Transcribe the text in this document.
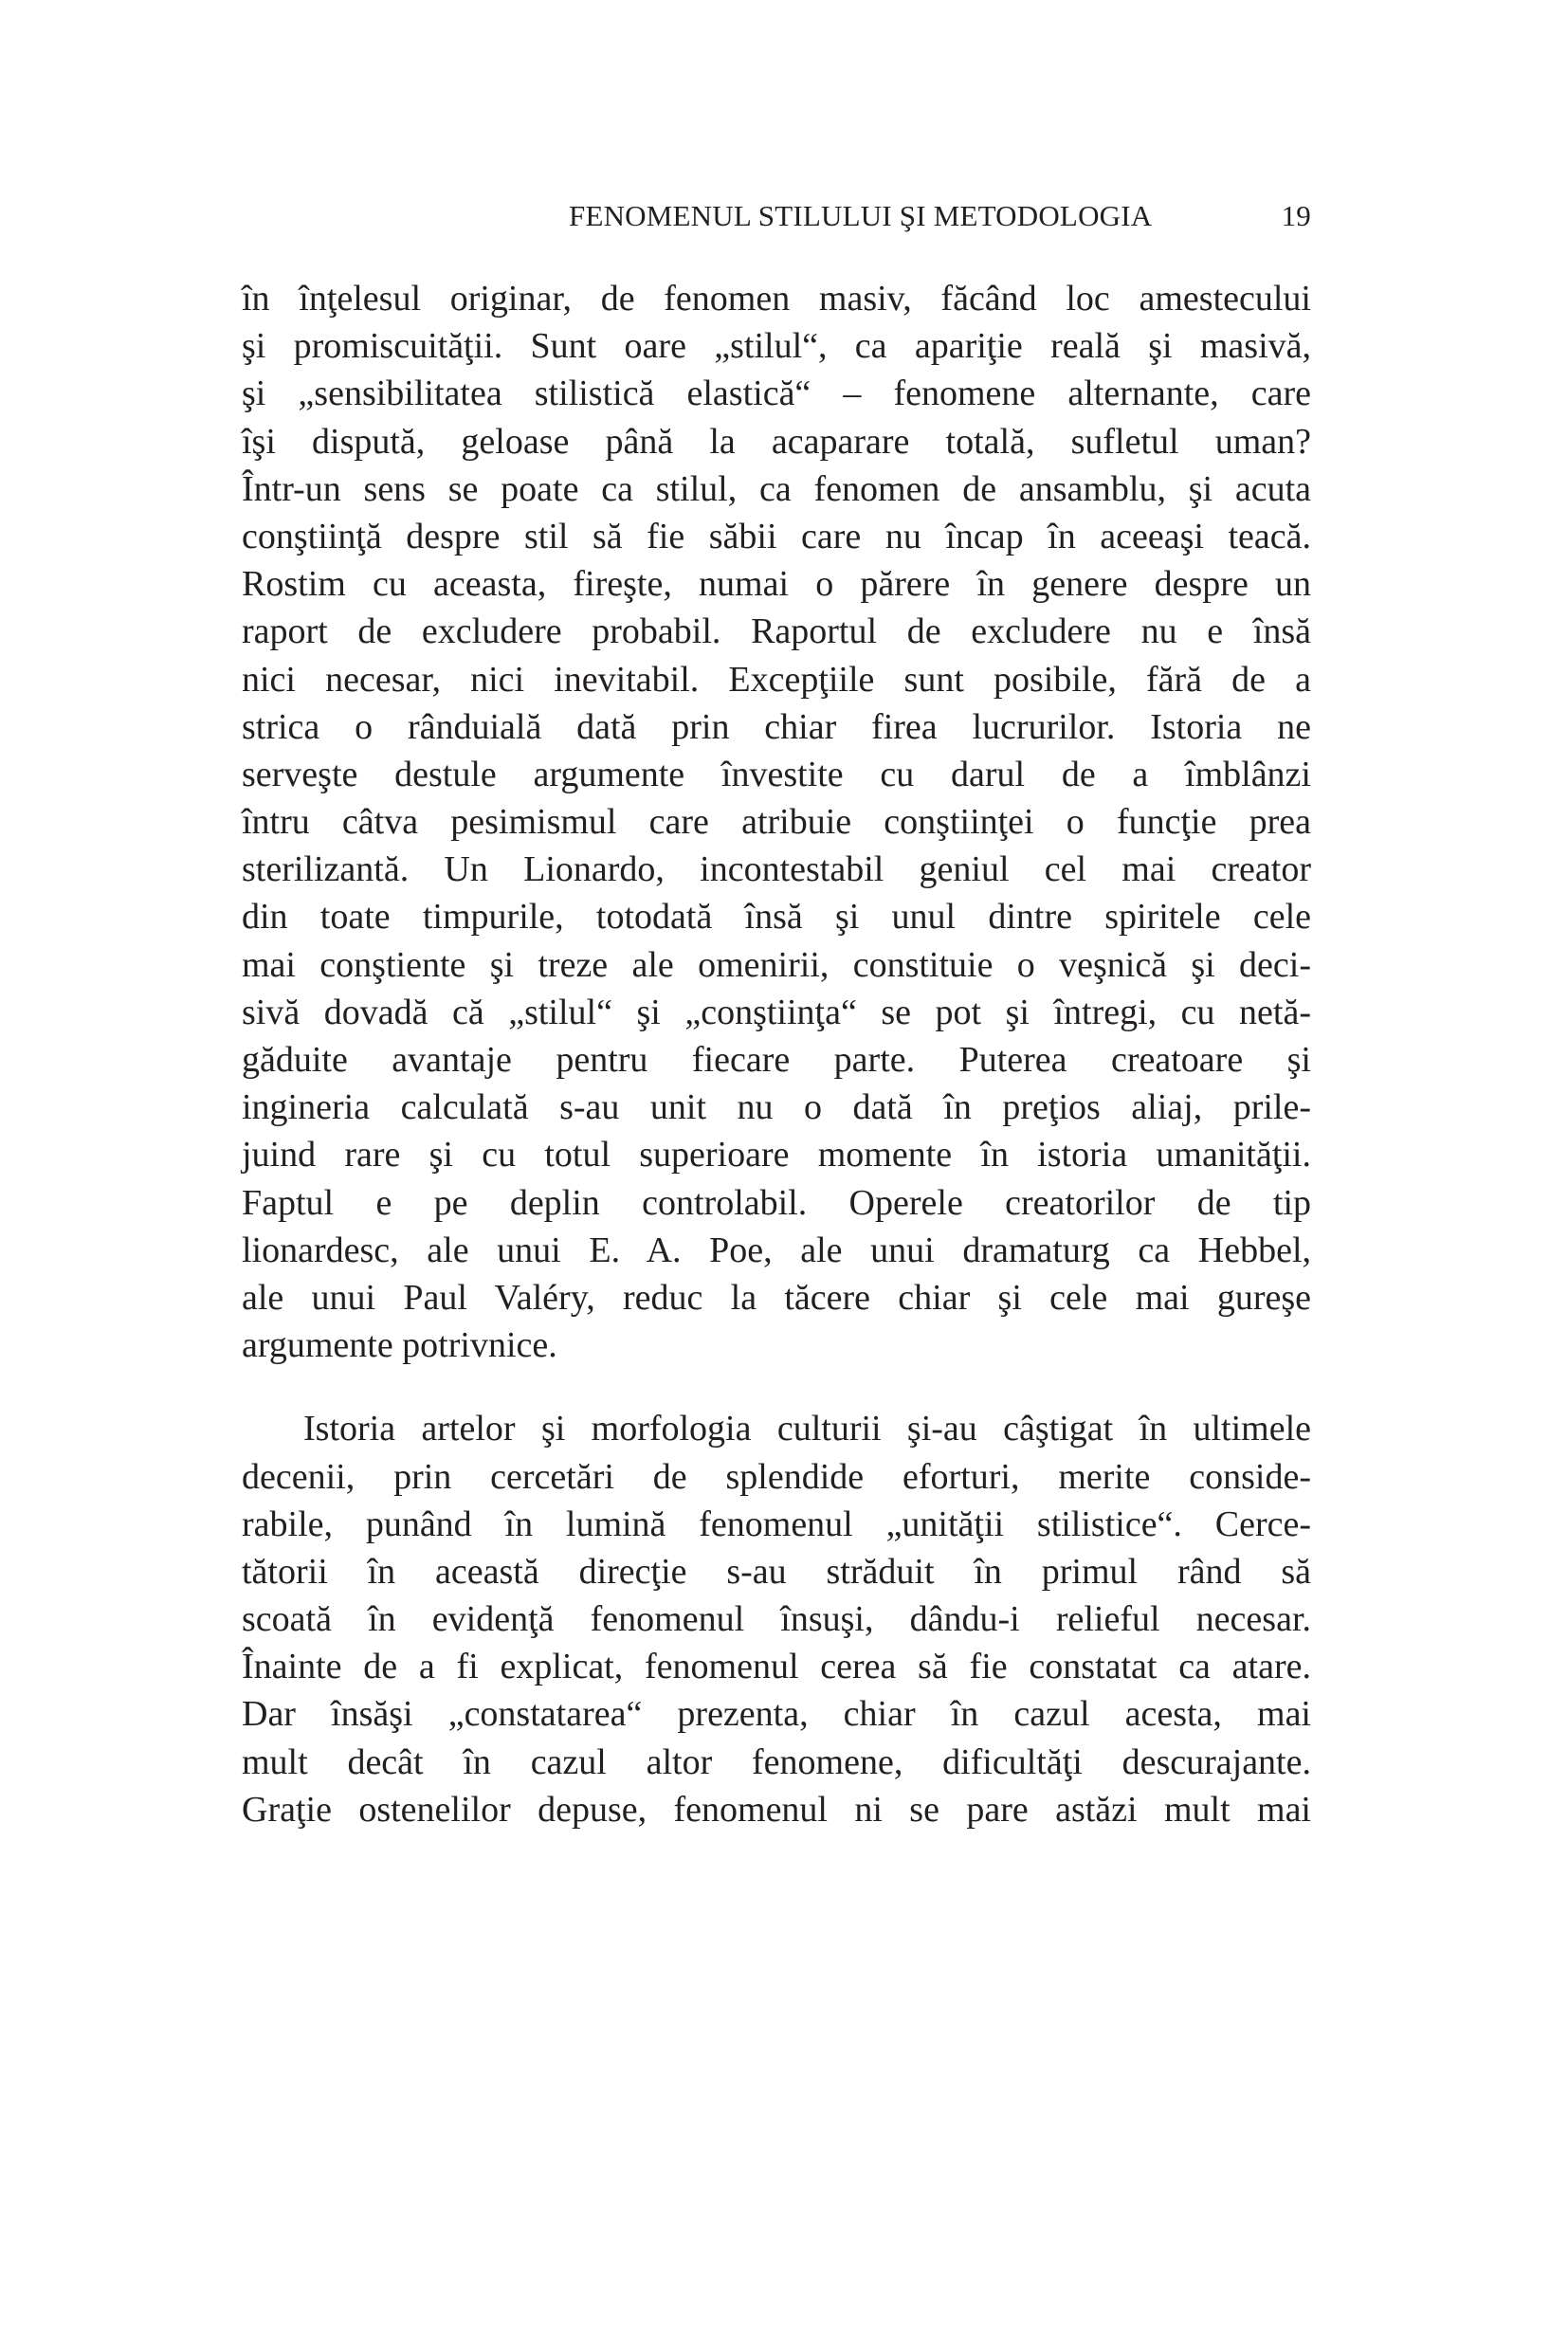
FENOMENUL STILULUI ŞI METODOLOGIA	19
în înţelesul originar, de fenomen masiv, făcând loc amestecului
şi promiscuităţii. Sunt oare „stilul“, ca apariţie reală şi masivă,
şi „sensibilitatea stilistică elastică“ – fenomene alternante, care
îşi dispută, geloase până la acaparare totală, sufletul uman?
Într-un sens se poate ca stilul, ca fenomen de ansamblu, şi acuta
conştiinţă despre stil să fie săbii care nu încap în aceeaşi teacă.
Rostim cu aceasta, fireşte, numai o părere în genere despre un
raport de excludere probabil. Raportul de excludere nu e însă
nici necesar, nici inevitabil. Excepţiile sunt posibile, fără de a
strica o rânduială dată prin chiar firea lucrurilor. Istoria ne
serveşte destule argumente învestite cu darul de a îmblânzi
întru câtva pesimismul care atribuie conştiinţei o funcţie prea
sterilizantă. Un Lionardo, incontestabil geniul cel mai creator
din toate timpurile, totodată însă şi unul dintre spiritele cele
mai conştiente şi treze ale omenirii, constituie o veşnică şi deci-
sivă dovadă că „stilul“ şi „conştiinţa“ se pot şi întregi, cu netă-
găduite avantaje pentru fiecare parte. Puterea creatoare şi
ingineria calculată s-au unit nu o dată în preţios aliaj, prile-
juind rare şi cu totul superioare momente în istoria umanităţii.
Faptul e pe deplin controlabil. Operele creatorilor de tip
lionardesc, ale unui E. A. Poe, ale unui dramaturg ca Hebbel,
ale unui Paul Valéry, reduc la tăcere chiar şi cele mai gureşe
argumente potrivnice.
Istoria artelor şi morfologia culturii şi-au câştigat în ultimele
decenii, prin cercetări de splendide eforturi, merite conside-
rabile, punând în lumină fenomenul „unităţii stilistice“. Cerce-
tătorii în această direcţie s-au străduit în primul rând să
scoată în evidenţă fenomenul însuşi, dându-i relieful necesar.
Înainte de a fi explicat, fenomenul cerea să fie constatat ca atare.
Dar însăşi „constatarea“ prezenta, chiar în cazul acesta, mai
mult decât în cazul altor fenomene, dificultăţi descurajante.
Graţie ostenelilor depuse, fenomenul ni se pare astăzi mult mai
